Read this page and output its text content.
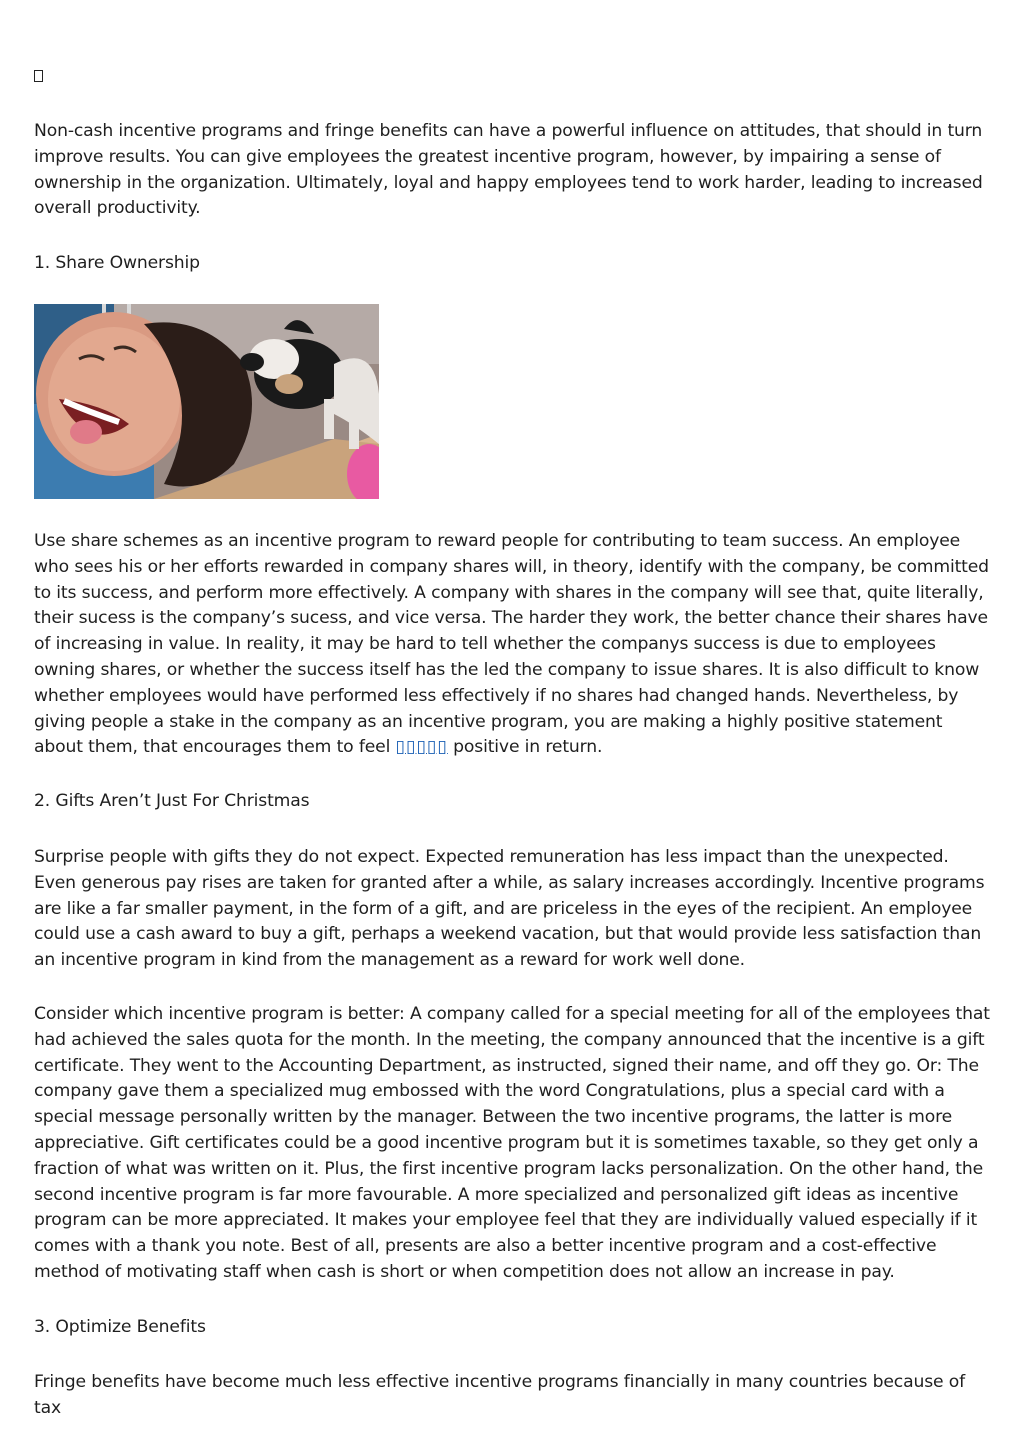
Non-cash incentive programs and fringe benefits can have a powerful influence on attitudes, that should in turn improve results. You can give employees the greatest incentive program, however, by impairing a sense of ownership in the organization. Ultimately, loyal and happy employees tend to work harder, leading to increased overall productivity.

1. Share Ownership

Use share schemes as an incentive program to reward people for contributing to team success. An employee who sees his or her efforts rewarded in company shares will, in theory, identify with the company, be committed to its success, and perform more effectively. A company with shares in the company will see that, quite literally, their sucess is the company’s sucess, and vice versa. The harder they work, the better chance their shares have of increasing in value. In reality, it may be hard to tell whether the companys success is due to employees owning shares, or whether the success itself has the led the company to issue shares. It is also difficult to know whether employees would have performed less effectively if no shares had changed hands. Nevertheless, by giving people a stake in the company as an incentive program, you are making a highly positive statement about them, that encourages them to feel ▯▯▯▯▯ positive in return.

2. Gifts Aren’t Just For Christmas

Surprise people with gifts they do not expect. Expected remuneration has less impact than the unexpected. Even generous pay rises are taken for granted after a while, as salary increases accordingly. Incentive programs are like a far smaller payment, in the form of a gift, and are priceless in the eyes of the recipient. An employee could use a cash award to buy a gift, perhaps a weekend vacation, but that would provide less satisfaction than an incentive program in kind from the management as a reward for work well done.

Consider which incentive program is better: A company called for a special meeting for all of the employees that had achieved the sales quota for the month. In the meeting, the company announced that the incentive is a gift certificate. They went to the Accounting Department, as instructed, signed their name, and off they go. Or: The company gave them a specialized mug embossed with the word Congratulations, plus a special card with a special message personally written by the manager. Between the two incentive programs, the latter is more appreciative. Gift certificates could be a good incentive program but it is sometimes taxable, so they get only a fraction of what was written on it. Plus, the first incentive program lacks personalization. On the other hand, the second incentive program is far more favourable. A more specialized and personalized gift ideas as incentive program can be more appreciated. It makes your employee feel that they are individually valued especially if it comes with a thank you note. Best of all, presents are also a better incentive program and a cost-effective method of motivating staff when cash is short or when competition does not allow an increase in pay.

3. Optimize Benefits

Fringe benefits have become much less effective incentive programs financially in many countries because of tax
